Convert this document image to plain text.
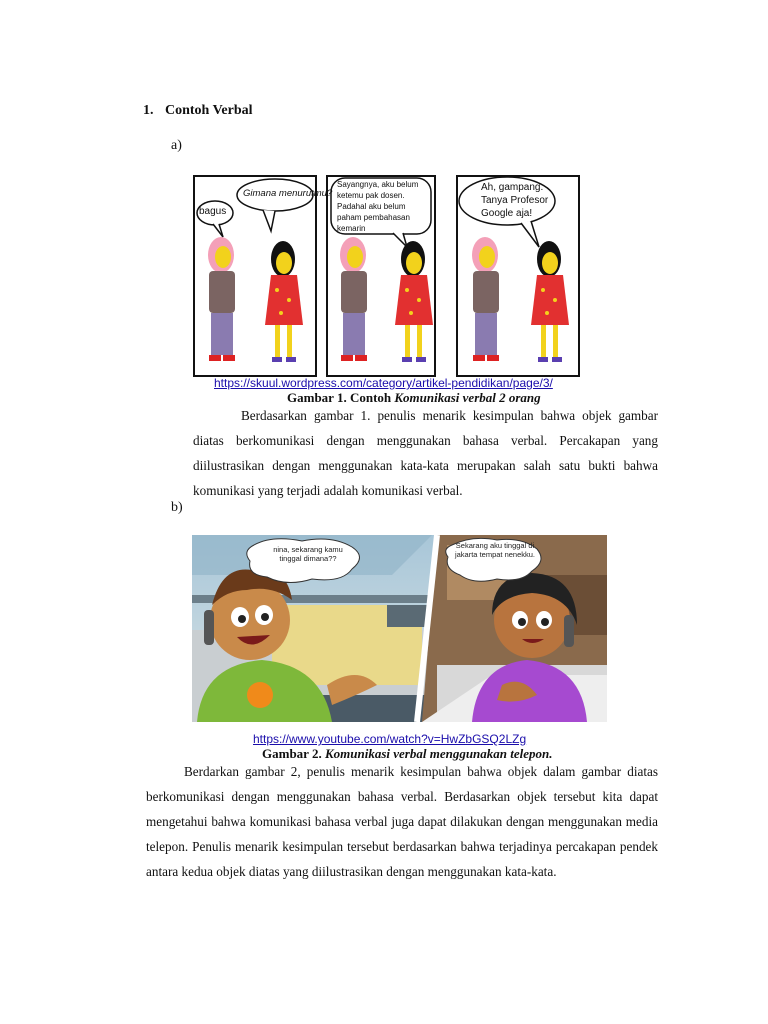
1. Contoh Verbal
a)
bagus
Gimana menurutmu?
Sayangnya, aku belum ketemu pak dosen. Padahal aku belum paham pembahasan kemarin
Ah, gampang. Tanya Profesor Google aja!
https://skuul.wordpress.com/category/artikel-pendidikan/page/3/
Gambar 1. Contoh Komunikasi verbal 2 orang
Berdasarkan gambar 1. penulis menarik kesimpulan bahwa objek gambar diatas berkomunikasi dengan menggunakan bahasa verbal. Percakapan yang diilustrasikan dengan menggunakan kata-kata merupakan salah satu bukti bahwa komunikasi yang terjadi adalah komunikasi verbal.
b)
nina, sekarang kamu tinggal dimana??
Sekarang aku tinggal di jakarta tempat nenekku.
https://www.youtube.com/watch?v=HwZbGSQ2LZg
Gambar 2. Komunikasi verbal menggunakan telepon.
Berdarkan gambar 2, penulis menarik kesimpulan bahwa objek dalam gambar diatas berkomunikasi dengan menggunakan bahasa verbal. Berdasarkan objek tersebut kita dapat mengetahui bahwa komunikasi bahasa verbal juga dapat dilakukan dengan menggunakan media telepon. Penulis menarik kesimpulan tersebut berdasarkan bahwa terjadinya percakapan pendek antara kedua objek diatas yang diilustrasikan dengan menggunakan kata-kata.
